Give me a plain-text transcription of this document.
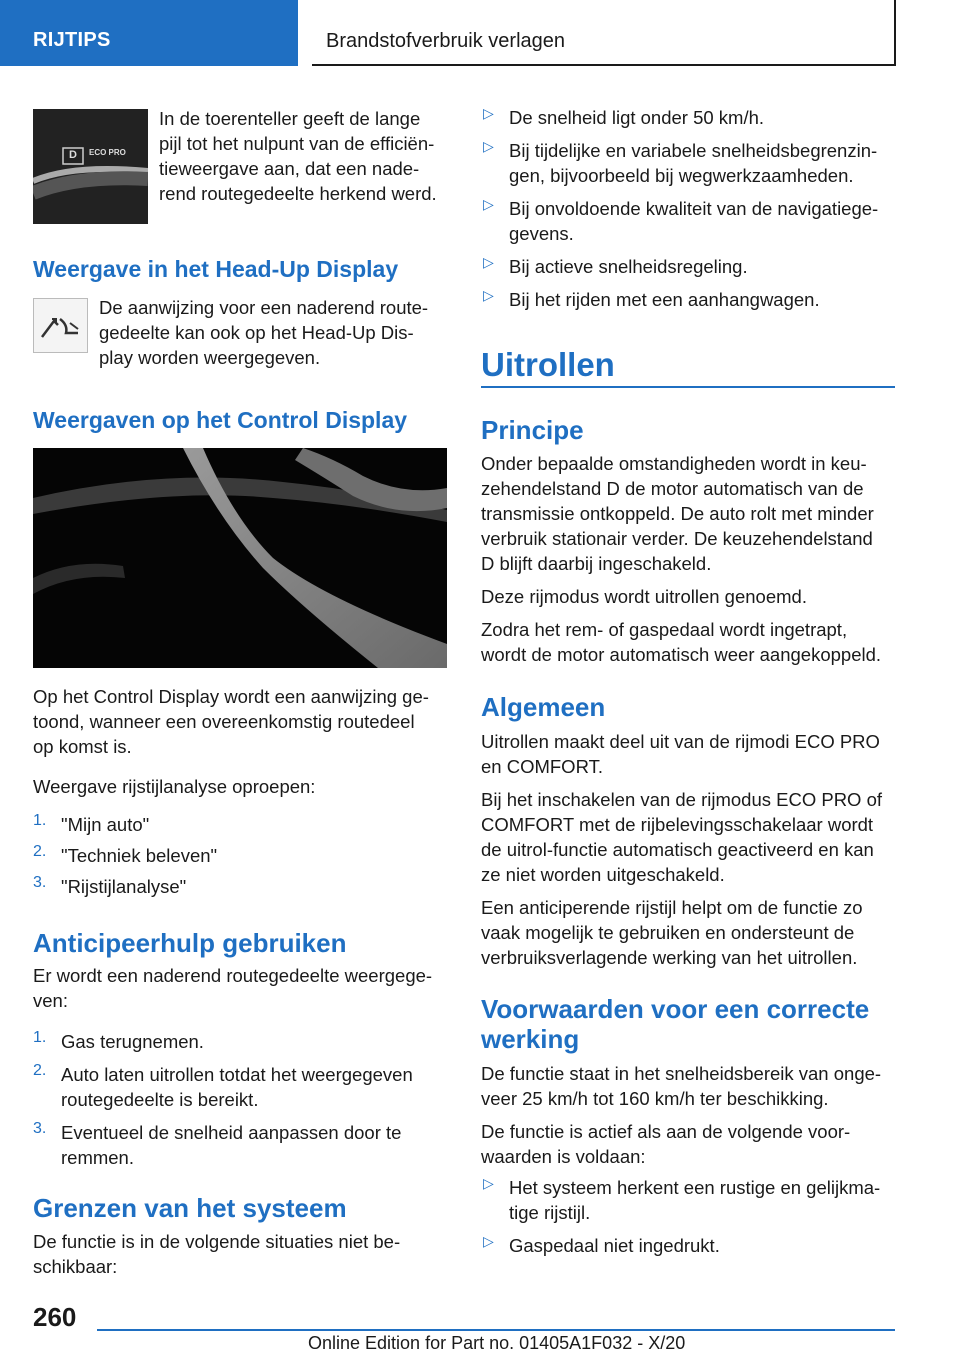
RIJTIPS	Brandstofverbruik verlagen
D ECO PRO

In de toerenteller geeft de lange

pijl tot het nulpunt van de efficiën-

tieweergave aan, dat een nade-

rend routegedeelte herkend werd.

Weergave in het Head-Up Display

De aanwijzing voor een naderend route-

gedeelte kan ook op het Head-Up Dis-

play worden weergegeven.

Weergaven op het Control Display

Op het Control Display wordt een aanwijzing ge-

toond, wanneer een overeenkomstig routedeel

op komst is.

Weergave rijstijlanalyse oproepen:

1. "Mijn auto"

2. "Techniek beleven"

3. "Rijstijlanalyse"

Anticipeerhulp gebruiken

Er wordt een naderend routegedeelte weergege-

ven:

1. Gas terugnemen.

2. Auto laten uitrollen totdat het weergegeven

routegedeelte is bereikt.

3. Eventueel de snelheid aanpassen door te

remmen.

Grenzen van het systeem

De functie is in de volgende situaties niet be-

schikbaar:

▷ De snelheid ligt onder 50 km/h.

▷ Bij tijdelijke en variabele snelheidsbegrenzin-

gen, bijvoorbeeld bij wegwerkzaamheden.

▷ Bij onvoldoende kwaliteit van de navigatiege-

gevens.

▷ Bij actieve snelheidsregeling.

▷ Bij het rijden met een aanhangwagen.

Uitrollen
Principe

Onder bepaalde omstandigheden wordt in keu-

zehendelstand D de motor automatisch van de

transmissie ontkoppeld. De auto rolt met minder

verbruik stationair verder. De keuzehendelstand

D blijft daarbij ingeschakeld.

Deze rijmodus wordt uitrollen genoemd.

Zodra het rem- of gaspedaal wordt ingetrapt,

wordt de motor automatisch weer aangekoppeld.

Algemeen

Uitrollen maakt deel uit van de rijmodi ECO PRO

en COMFORT.

Bij het inschakelen van de rijmodus ECO PRO of

COMFORT met de rijbelevingsschakelaar wordt

de uitrol-functie automatisch geactiveerd en kan

ze niet worden uitgeschakeld.

Een anticiperende rijstijl helpt om de functie zo

vaak mogelijk te gebruiken en ondersteunt de

verbruiksverlagende werking van het uitrollen.

Voorwaarden voor een correcte
werking

De functie staat in het snelheidsbereik van onge-

veer 25 km/h tot 160 km/h ter beschikking.

De functie is actief als aan de volgende voor-

waarden is voldaan:

▷ Het systeem herkent een rustige en gelijkma-

tige rijstijl.

▷ Gaspedaal niet ingedrukt.

260
Online Edition for Part no. 01405A1F032 - X/20
